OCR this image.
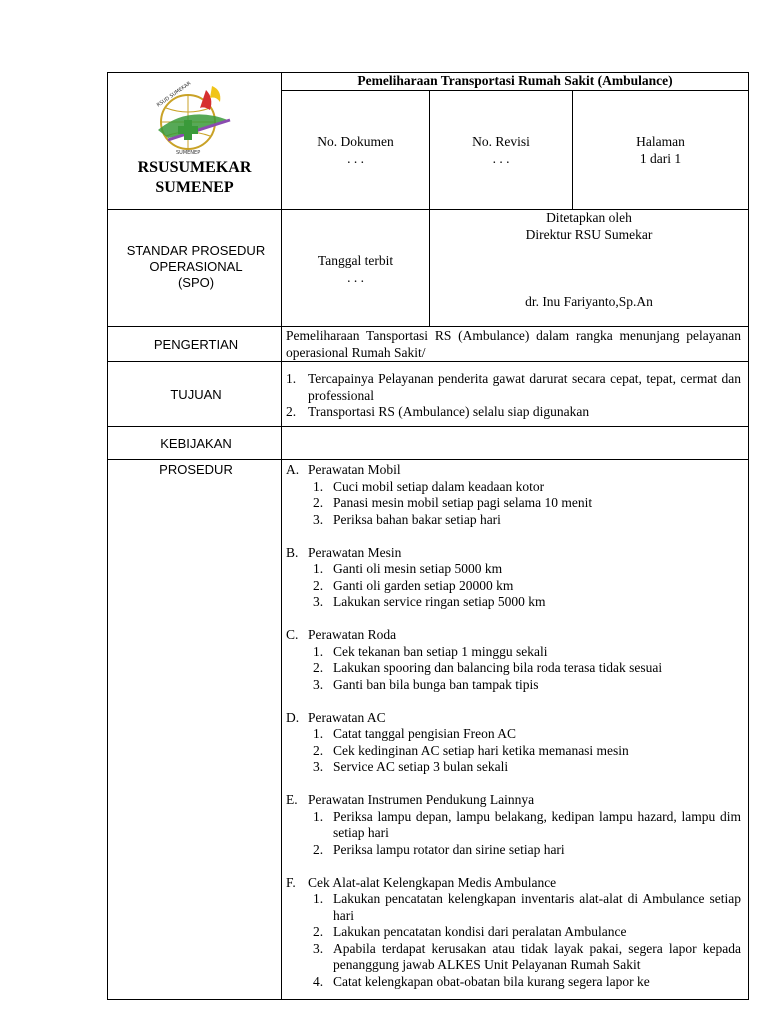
RSUD SUMEKAR
SUMENEP
RSUSUMEKAR
SUMENEP
Pemeliharaan Transportasi Rumah Sakit (Ambulance)
No. Dokumen
. . .
No. Revisi
. . .
Halaman
1 dari 1
STANDAR PROSEDUR
OPERASIONAL
(SPO)
Tanggal terbit
. . .
Ditetapkan oleh
Direktur RSU Sumekar
dr. Inu Fariyanto,Sp.An
PENGERTIAN
Pemeliharaan Tansportasi RS (Ambulance) dalam rangka menunjang pelayanan operasional Rumah Sakit/
TUJUAN
1. Tercapainya Pelayanan penderita gawat darurat secara cepat, tepat, cermat dan professional
2. Transportasi RS (Ambulance) selalu siap digunakan
KEBIJAKAN
PROSEDUR	A. Perawatan Mobil
1. Cuci mobil setiap dalam keadaan kotor
2. Panasi mesin mobil setiap pagi selama 10 menit
3. Periksa bahan bakar setiap hari
B. Perawatan Mesin
1. Ganti oli mesin setiap 5000 km
2. Ganti oli garden setiap 20000 km
3. Lakukan service ringan setiap 5000 km
C. Perawatan Roda
1. Cek tekanan ban setiap 1 minggu sekali
2. Lakukan spooring dan balancing bila roda terasa tidak sesuai
3. Ganti ban bila bunga ban tampak tipis
D. Perawatan AC
1. Catat tanggal pengisian Freon AC
2. Cek kedinginan AC setiap hari ketika memanasi mesin
3. Service AC setiap 3 bulan sekali
E. Perawatan Instrumen Pendukung Lainnya
1. Periksa lampu depan, lampu belakang, kedipan lampu hazard, lampu dim setiap hari
2. Periksa lampu rotator dan sirine setiap hari
F. Cek Alat-alat Kelengkapan Medis Ambulance
1. Lakukan pencatatan kelengkapan inventaris alat-alat di Ambulance setiap hari
2. Lakukan pencatatan kondisi dari peralatan Ambulance
3. Apabila terdapat kerusakan atau tidak layak pakai, segera lapor kepada penanggung jawab ALKES Unit Pelayanan Rumah Sakit
4. Catat kelengkapan obat-obatan bila kurang segera lapor ke
